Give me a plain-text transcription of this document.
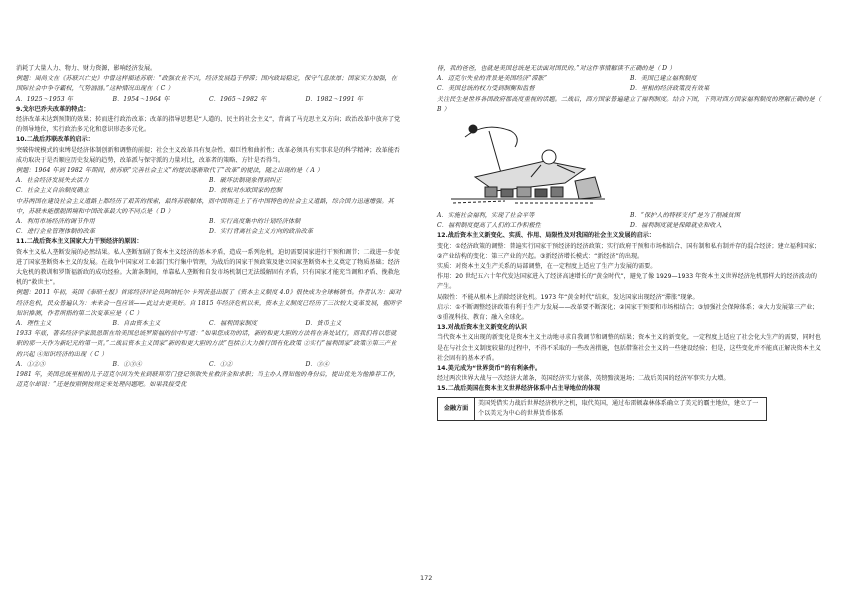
消耗了大量人力、物力、财力资源，影响经济发展。

例题：周尚文在《苏联兴亡史》中曾这样描述苏联：“政强农业不兴，经济发展趋于停滞；国内政局稳定，保守气息浓厚；国家实力加强，在国际社会中争夺霸权，气势汹汹。”这种情况出现在（ C ）

A．1925～1953 年	B．1954～1964 年	C．1965～1982 年	D．1982～1991 年

9.戈尔巴乔夫改革的特点：

经济改革未达到预期的效果；转而进行政治改革；改革的指导思想是“人道的、民主的社会主义”，背离了马克思主义方向；政治改革中放弃了党的领导地位，实行政治多元化和意识形态多元化。

10.二战后苏联改革的启示：

突破传统模式的束缚是经济体制创新和调整的前提；社会主义改革具有复杂性、艰巨性和曲折性；改革必须具有实事求是的科学精神；改革能否成功取决于是否顺应历史发展的趋势，改革派与保守派的力量对比，改革者的策略、方针是否得当。

例题：1964 年到 1982 年期间，前苏联“完善社会主义”的提法逐渐取代了“改革”的提法，随之出现的是（ A ）

A．社会经济发展失去活力	B．破坏法制现象得到纠正
C．社会主义自治制度确立	D．放松对东欧国家的控制

中苏两国在建设社会主义道路上都经历了艰苦的探索，最终苏联解体，而中国则走上了有中国特色的社会主义道路，综合国力迅速增强。其中，苏联未能摆脱困境和中国改革最大的不同点是（ D ）

A．利用市场经济的调节作用	B．实行高度集中的计划经济体制
C．进行企业管理体制的改革	D．实行背离社会主义方向的政治改革

11.二战后资本主义国家大力干预经济的原因：

资本主义私人垄断发展的必然结果。私人垄断加剧了资本主义经济的基本矛盾，造成一系列危机，迫切需要国家进行干预和调节；二战进一步促进了国家垄断资本主义的发展。在战争中国家对工业部门实行集中管理，为战后的国家干预政策及建立国家垄断资本主义奠定了物质基础；经济大危机的教训和罗斯福新政的成功经验。大萧条期间，单靠私人垄断和自发市场机制已无法缓解固有矛盾，只有国家才能充当调和矛盾、挽救危机的“救世主”。

例题：2011 年初，英国《泰晤士报》首席经济评论员阿纳托尔·卡列茨基出版了《资本主义制度 4.0》很快成为全球畅销书。作者认为：面对经济危机，民众普遍认为：未来会一包应该——此过去更美好。自 1815 年经济危机以来，资本主义制度已经历了三次较大变革发展，据所学知识推测，作者所指的第二次变革应是（ C ）

A．理性主义	B．自由资本主义	C．福利国家制度	D．货币主义

1933 年底，著名经济学家凯恩斯在给美国总统罗斯福的信中写道：“如果您成功的话，新的和更大胆的方法将在各处试行，而我们将以您就职的那一天作为新纪元的第一页。”二战后资本主义国家“新的和更大胆的方法”包括①大力推行国有化政策 ②实行“福利国家”政策③第三产业的兴起 ④知识经济的出现（ C ）

A．①②③	B．①③④	C．①②	D．③④

1981 年，美国总统里根的儿子迈克尔因为失业到联邦劳门登记领取失业救济金和求职；当主办人得知他的身份后，提出优先为他推荐工作，迈克尔却说：“还是按照例按规定来处理问题吧。如果我接受优

待，我的爸爸，也就是美国总统是无法面对国民的。”对这件事情解读不正确的是（ D ）

A．迈克尔失业的背景是美国经济“滞胀”	B．美国已建立福利制度
C．美国总统的权力受到制衡和监督	D．里根的经济政策没有效果

关注民生是世界各国政府都高度重视的话题。二战后，西方国家普遍建立了福利制度。结合下图，下列对西方国家福利制度的理解正确的是（ B ）

A．实施社会福利，实现了社会平等	B．“保护人的特移支付”是为了削减贫困
C．福利制度提高了人们的工作积极性	D．福利制度就是保障就业和收入

12.战后资本主义新变化、实质、作用、局限性及对我国的社会主义发展的启示：

变化：①经济政策的调整：普遍实行国家干预经济的经济政策；实行政府干预和市场相结合、国有制和私有制并存的混合经济；建立福利国家；②产业结构的变化：第三产业的兴起。③新经济增长模式：“新经济”的出现。

实质：对资本主义生产关系的局部调整，在一定程度上适应了生产力发展的需要。

作用：20 世纪五六十年代发达国家进入了经济高速增长的“黄金时代”，避免了像 1929—1933 年资本主义世界经济危机那样大的经济波动的产生。

局限性：不能从根本上消除经济危机。1973 年“黄金时代”结束，发达国家出现经济“滞胀”现象。

启示：①不断调整经济政策有利于生产力发展——改革要不断深化；②国家干预要和市场相结合；③加强社会保障体系；④大力发展第三产业；⑤重视科技、教育；融入全球化。

13.对战后资本主义新变化的认识

当代资本主义出现的新变化是资本主义主动地寻求自我调节和调整的结果；资本主义的新变化，一定程度上适应了社会化大生产的需要，同时也是在与社会主义制度较量的过程中，不得不采取的一些改善措施，包括借鉴社会主义的一些建设经验；但是，这些变化并不能真正解决资本主义社会固有的基本矛盾。

14.美元成为“世界货币”的有利条件。

经过两次世界大战与一次经济大萧条，英国经济实力衰落，英镑黯淡退场；二战后美国的经济军事实力大增。

15.二战后美国在资本主义世界经济体系中占主导地位的体现

金融方面	美国凭借实力战后世界经济秩序之机，取代英国，通过布雷顿森林体系确立了美元的霸主地位，建立了一个以美元为中心的世界货币体系
172
